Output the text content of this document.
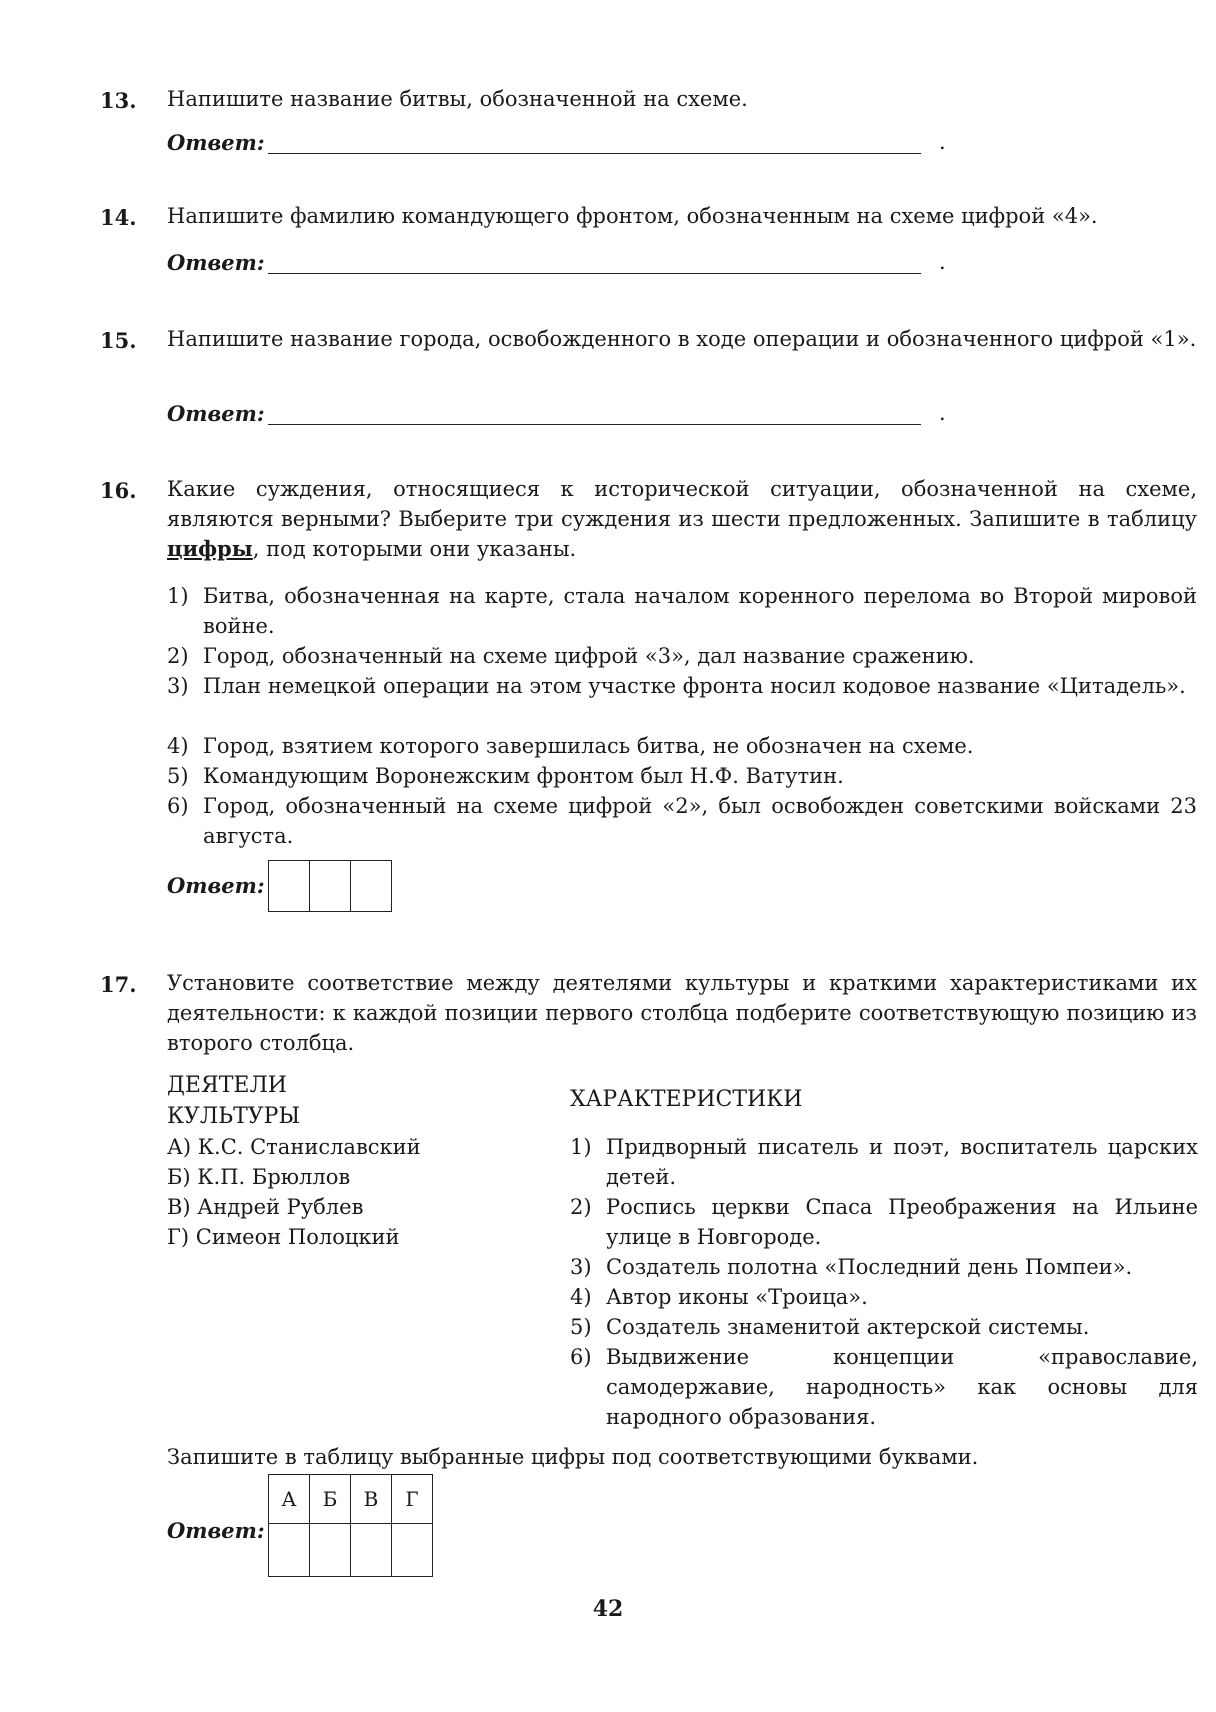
13. Напишите название битвы, обозначенной на схеме.
Ответ:	.
14. Напишите фамилию командующего фронтом, обозначенным на схеме цифрой «4».
Ответ:	.
15. Напишите название города, освобожденного в ходе операции и обозначенного цифрой «1».
Ответ:	.
16. Какие суждения, относящиеся к исторической ситуации, обозначенной на схеме, являются верными? Выберите три суждения из шести предложенных. Запишите в таблицу цифры, под которыми они указаны.
1) Битва, обозначенная на карте, стала началом коренного перелома во Второй мировой войне.
2) Город, обозначенный на схеме цифрой «3», дал название сражению.
3) План немецкой операции на этом участке фронта носил кодовое название «Цитадель».
4) Город, взятием которого завершилась битва, не обозначен на схеме.
5) Командующим Воронежским фронтом был Н.Ф. Ватутин.
6) Город, обозначенный на схеме цифрой «2», был освобожден советскими войсками 23 августа.
Ответ:

17. Установите соответствие между деятелями культуры и краткими характеристиками их деятельности: к каждой позиции первого столбца подберите соответствующую позицию из второго столбца.
ДЕЯТЕЛИ
КУЛЬТУРЫ
ХАРАКТЕРИСТИКИ
А) К.С. Станиславский
Б) К.П. Брюллов
В) Андрей Рублев
Г) Симеон Полоцкий
1) Придворный писатель и поэт, воспитатель царских детей.
2) Роспись церкви Спаса Преображения на Ильине улице в Новгороде.
3) Создатель полотна «Последний день Помпеи».
4) Автор иконы «Троица».
5) Создатель знаменитой актерской системы.
6) Выдвижение концепции «православие, самодержавие, народность» как основы для народного образования.
Запишите в таблицу выбранные цифры под соответствующими буквами.
Ответ:
А	Б	В	Г

42
